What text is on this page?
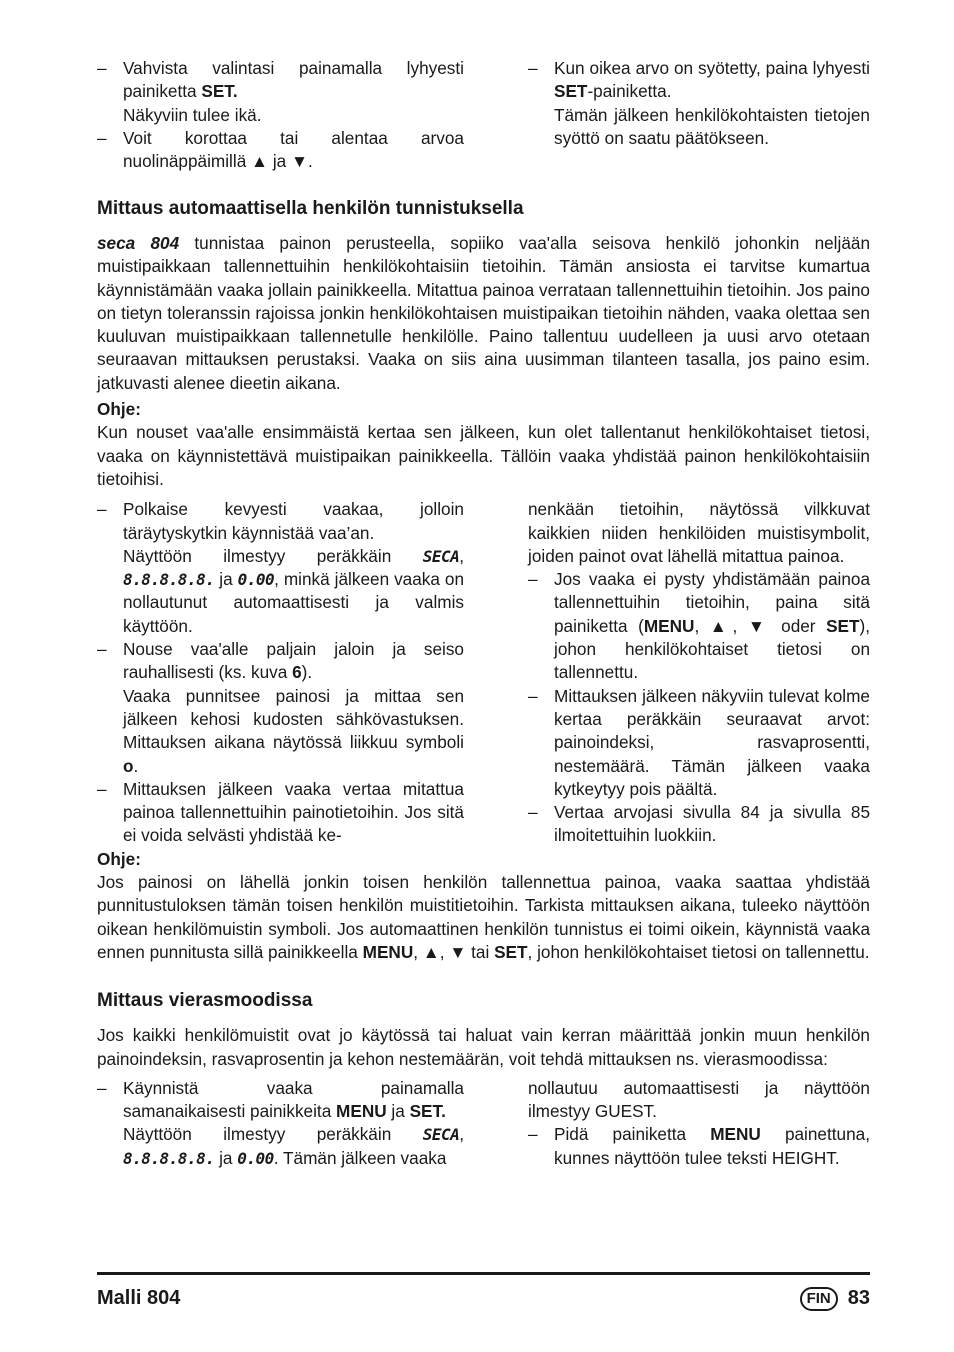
– Vahvista valintasi painamalla lyhyesti painiketta SET.
Näkyviin tulee ikä.
– Voit korottaa tai alentaa arvoa nuolinäppäimillä ▲ ja ▼.
– Kun oikea arvo on syötetty, paina lyhyesti SET-painiketta.
Tämän jälkeen henkilökohtaisten tietojen syöttö on saatu päätökseen.
Mittaus automaattisella henkilön tunnistuksella

seca 804 tunnistaa painon perusteella, sopiiko vaa'alla seisova henkilö johonkin neljään muistipaikkaan tallennettuihin henkilökohtaisiin tietoihin. Tämän ansiosta ei tarvitse kumartua käynnistämään vaaka jollain painikkeella. Mitattua painoa verrataan tallennettuihin tietoihin. Jos paino on tietyn toleranssin rajoissa jonkin henkilökohtaisen muistipaikan tietoihin nähden, vaaka olettaa sen kuuluvan muistipaikkaan tallennetulle henkilölle. Paino tallentuu uudelleen ja uusi arvo otetaan seuraavan mittauksen perustaksi. Vaaka on siis aina uusimman tilanteen tasalla, jos paino esim. jatkuvasti alenee dieetin aikana.

Ohje:

Kun nouset vaa'alle ensimmäistä kertaa sen jälkeen, kun olet tallentanut henkilökohtaiset tietosi, vaaka on käynnistettävä muistipaikan painikkeella. Tällöin vaaka yhdistää painon henkilökohtaisiin tietoihisi.

– Polkaise kevyesti vaakaa, jolloin täräytyskytkin käynnistää vaa’an.
Näyttöön ilmestyy peräkkäin SECA, 8.8.8.8.8. ja 0.00, minkä jälkeen vaaka on nollautunut automaattisesti ja valmis käyttöön.
– Nouse vaa'alle paljain jaloin ja seiso rauhallisesti (ks. kuva 6).
Vaaka punnitsee painosi ja mittaa sen jälkeen kehosi kudosten sähkövastuksen. Mittauksen aikana näytössä liikkuu symboli o.
– Mittauksen jälkeen vaaka vertaa mitattua painoa tallennettuihin painotietoihin. Jos sitä ei voida selvästi yhdistää ke-
nenkään tietoihin, näytössä vilkkuvat kaikkien niiden henkilöiden muistisymbolit, joiden painot ovat lähellä mitattua painoa.
– Jos vaaka ei pysty yhdistämään painoa tallennettuihin tietoihin, paina sitä painiketta (MENU, ▲, ▼ oder SET), johon henkilökohtaiset tietosi on tallennettu.
– Mittauksen jälkeen näkyviin tulevat kolme kertaa peräkkäin seuraavat arvot: painoindeksi, rasvaprosentti, nestemäärä. Tämän jälkeen vaaka kytkeytyy pois päältä.
– Vertaa arvojasi sivulla 84 ja sivulla 85 ilmoitettuihin luokkiin.
Ohje:

Jos painosi on lähellä jonkin toisen henkilön tallennettua painoa, vaaka saattaa yhdistää punnitustuloksen tämän toisen henkilön muistitietoihin. Tarkista mittauksen aikana, tuleeko näyttöön oikean henkilömuistin symboli. Jos automaattinen henkilön tunnistus ei toimi oikein, käynnistä vaaka ennen punnitusta sillä painikkeella MENU, ▲, ▼ tai SET, johon henkilökohtaiset tietosi on tallennettu.

Mittaus vierasmoodissa

Jos kaikki henkilömuistit ovat jo käytössä tai haluat vain kerran määrittää jonkin muun henkilön painoindeksin, rasvaprosentin ja kehon nestemäärän, voit tehdä mittauksen ns. vierasmoodissa:

– Käynnistä vaaka painamalla samanaikaisesti painikkeita MENU ja SET.
Näyttöön ilmestyy peräkkäin SECA, 8.8.8.8.8. ja 0.00. Tämän jälkeen vaaka
nollautuu automaattisesti ja näyttöön ilmestyy GUEST.
– Pidä painiketta MENU painettuna, kunnes näyttöön tulee teksti HEIGHT.
Malli 804	FIN 83
